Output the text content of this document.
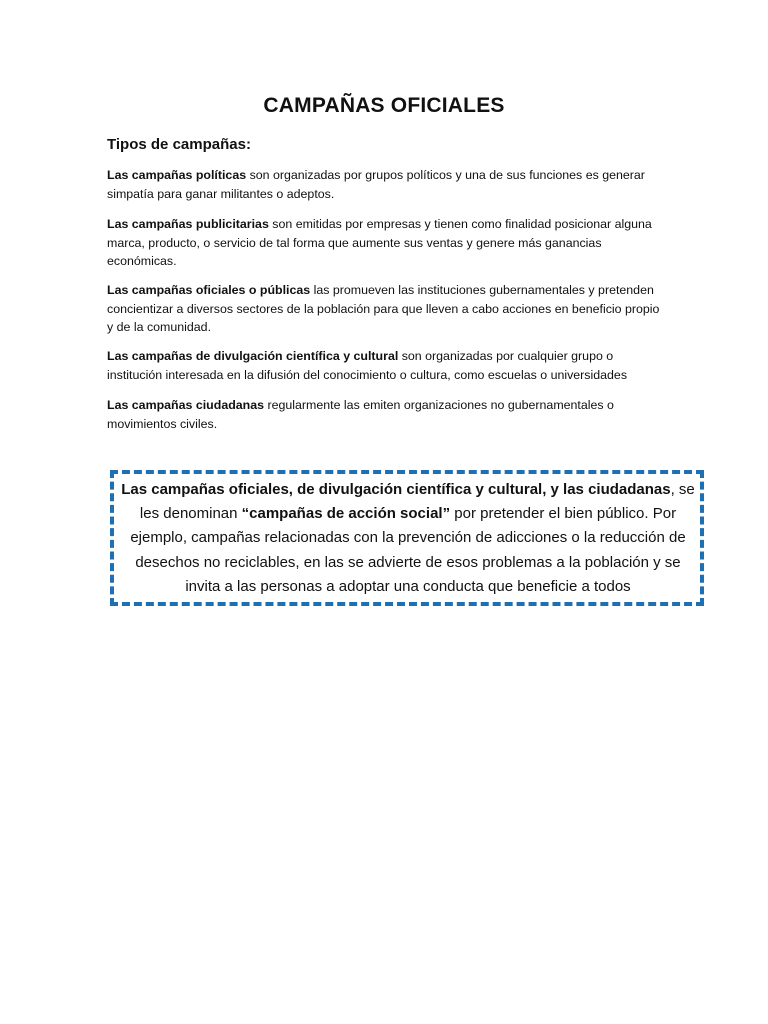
CAMPAÑAS OFICIALES
Tipos de campañas:

Las campañas políticas son organizadas por grupos políticos y una de sus funciones es generar simpatía para ganar militantes o adeptos.

Las campañas publicitarias son emitidas por empresas y tienen como finalidad posicionar alguna marca, producto, o servicio de tal forma que aumente sus ventas y genere más ganancias económicas.

Las campañas oficiales o públicas las promueven las instituciones gubernamentales y pretenden concientizar a diversos sectores de la población para que lleven a cabo acciones en beneficio propio y de la comunidad.

Las campañas de divulgación científica y cultural son organizadas por cualquier grupo o institución interesada en la difusión del conocimiento o cultura, como escuelas o universidades

Las campañas ciudadanas regularmente las emiten organizaciones no gubernamentales o movimientos civiles.

Las campañas oficiales, de divulgación científica y cultural, y las ciudadanas, se les denominan “campañas de acción social” por pretender el bien público. Por ejemplo, campañas relacionadas con la prevención de adicciones o la reducción de desechos no reciclables, en las se advierte de esos problemas a la población y se invita a las personas a adoptar una conducta que beneficie a todos
